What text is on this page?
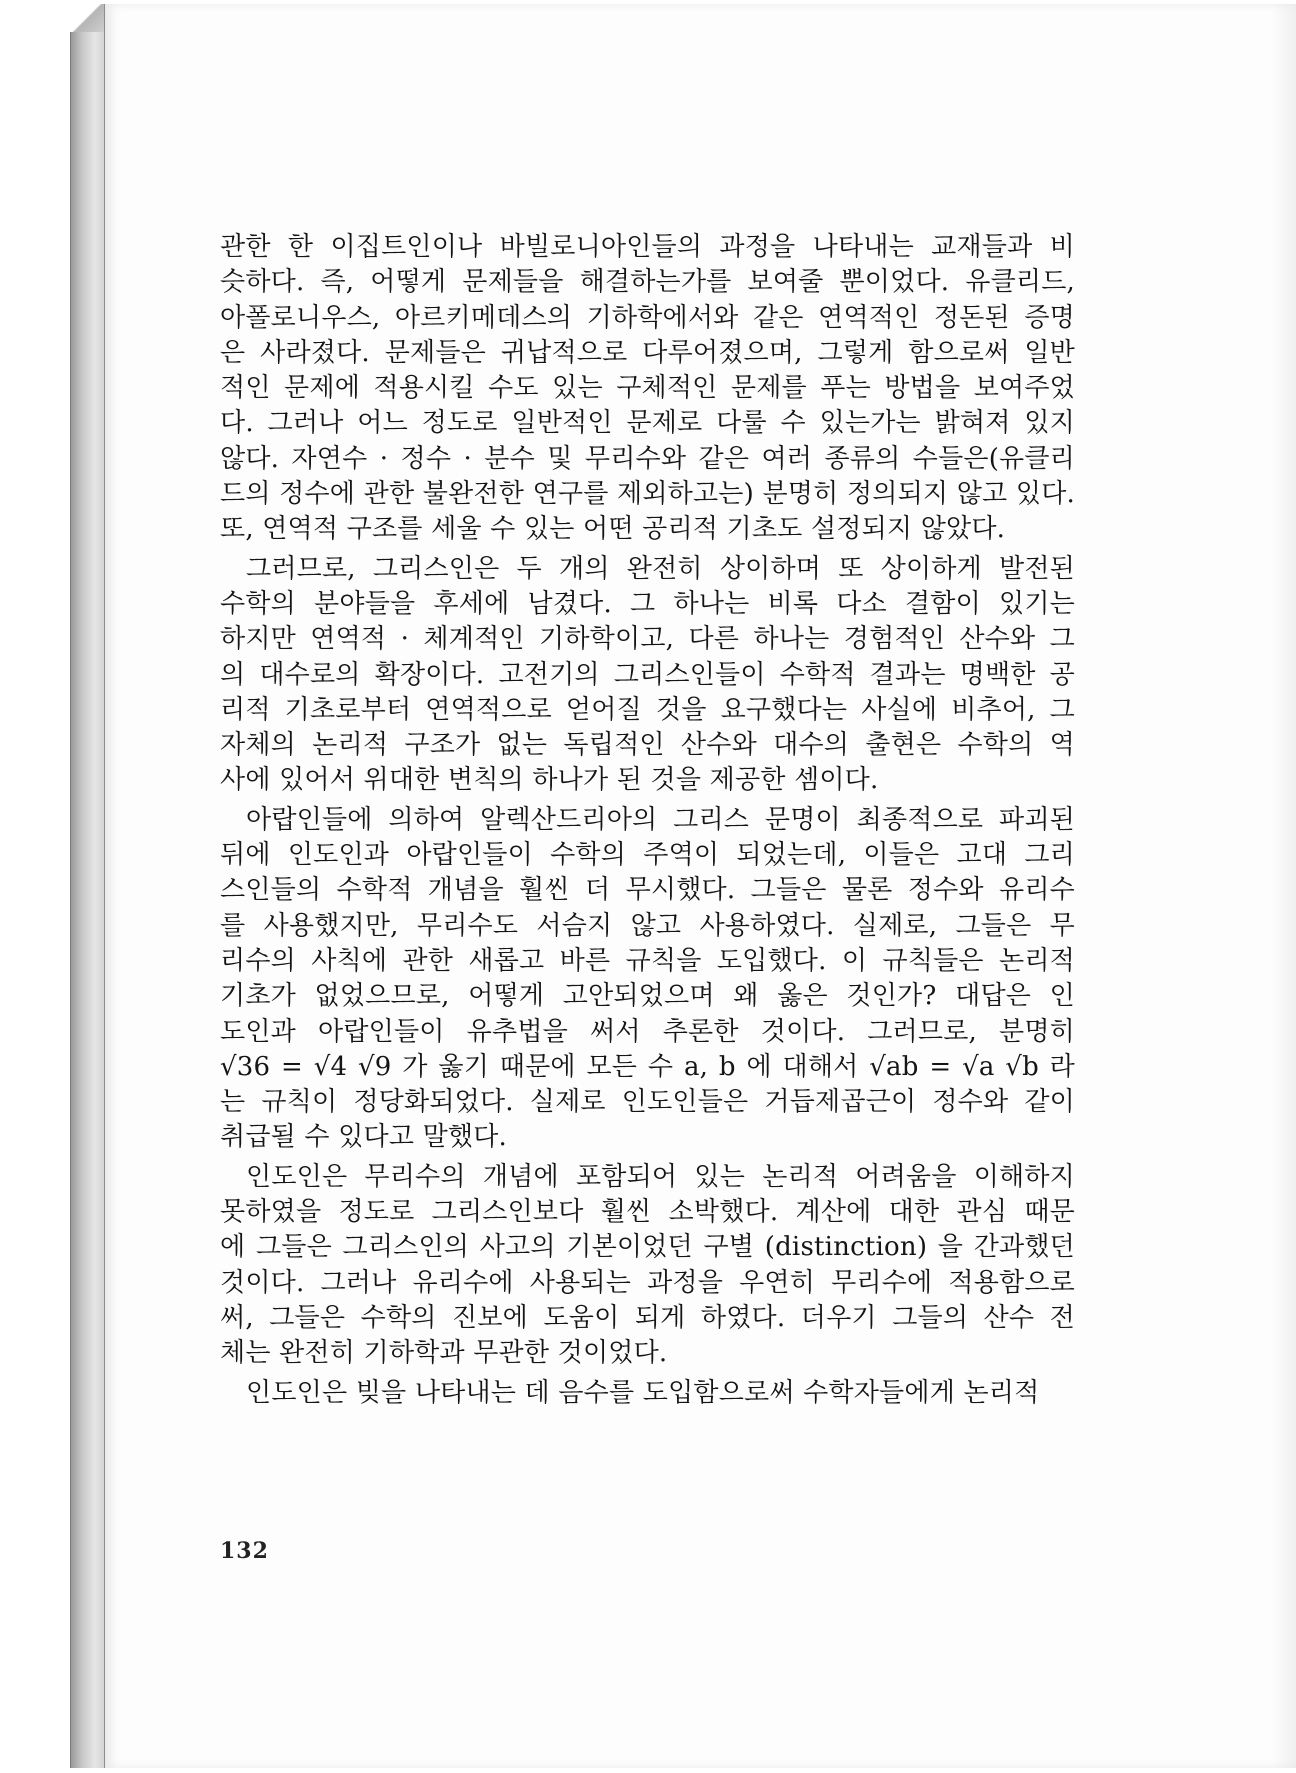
관한 한 이집트인이나 바빌로니아인들의 과정을 나타내는 교재들과 비
슷하다. 즉, 어떻게 문제들을 해결하는가를 보여줄 뿐이었다. 유클리드,
아폴로니우스, 아르키메데스의 기하학에서와 같은 연역적인 정돈된 증명
은 사라졌다. 문제들은 귀납적으로 다루어졌으며, 그렇게 함으로써 일반
적인 문제에 적용시킬 수도 있는 구체적인 문제를 푸는 방법을 보여주었
다. 그러나 어느 정도로 일반적인 문제로 다룰 수 있는가는 밝혀져 있지
않다. 자연수 · 정수 · 분수 및 무리수와 같은 여러 종류의 수들은(유클리
드의 정수에 관한 불완전한 연구를 제외하고는) 분명히 정의되지 않고 있다.
또, 연역적 구조를 세울 수 있는 어떤 공리적 기초도 설정되지 않았다.
그러므로, 그리스인은 두 개의 완전히 상이하며 또 상이하게 발전된
수학의 분야들을 후세에 남겼다. 그 하나는 비록 다소 결함이 있기는
하지만 연역적 · 체계적인 기하학이고, 다른 하나는 경험적인 산수와 그
의 대수로의 확장이다. 고전기의 그리스인들이 수학적 결과는 명백한 공
리적 기초로부터 연역적으로 얻어질 것을 요구했다는 사실에 비추어, 그
자체의 논리적 구조가 없는 독립적인 산수와 대수의 출현은 수학의 역
사에 있어서 위대한 변칙의 하나가 된 것을 제공한 셈이다.
아랍인들에 의하여 알렉산드리아의 그리스 문명이 최종적으로 파괴된
뒤에 인도인과 아랍인들이 수학의 주역이 되었는데, 이들은 고대 그리
스인들의 수학적 개념을 훨씬 더 무시했다. 그들은 물론 정수와 유리수
를 사용했지만, 무리수도 서슴지 않고 사용하였다. 실제로, 그들은 무
리수의 사칙에 관한 새롭고 바른 규칙을 도입했다. 이 규칙들은 논리적
기초가 없었으므로, 어떻게 고안되었으며 왜 옳은 것인가? 대답은 인
도인과 아랍인들이 유추법을 써서 추론한 것이다. 그러므로, 분명히
√36 = √4 √9 가 옳기 때문에 모든 수 a, b 에 대해서 √ab = √a √b 라
는 규칙이 정당화되었다. 실제로 인도인들은 거듭제곱근이 정수와 같이
취급될 수 있다고 말했다.
인도인은 무리수의 개념에 포함되어 있는 논리적 어려움을 이해하지
못하였을 정도로 그리스인보다 훨씬 소박했다. 계산에 대한 관심 때문
에 그들은 그리스인의 사고의 기본이었던 구별 (distinction) 을 간과했던
것이다. 그러나 유리수에 사용되는 과정을 우연히 무리수에 적용함으로
써, 그들은 수학의 진보에 도움이 되게 하였다. 더우기 그들의 산수 전
체는 완전히 기하학과 무관한 것이었다.
인도인은 빚을 나타내는 데 음수를 도입함으로써 수학자들에게 논리적
132
